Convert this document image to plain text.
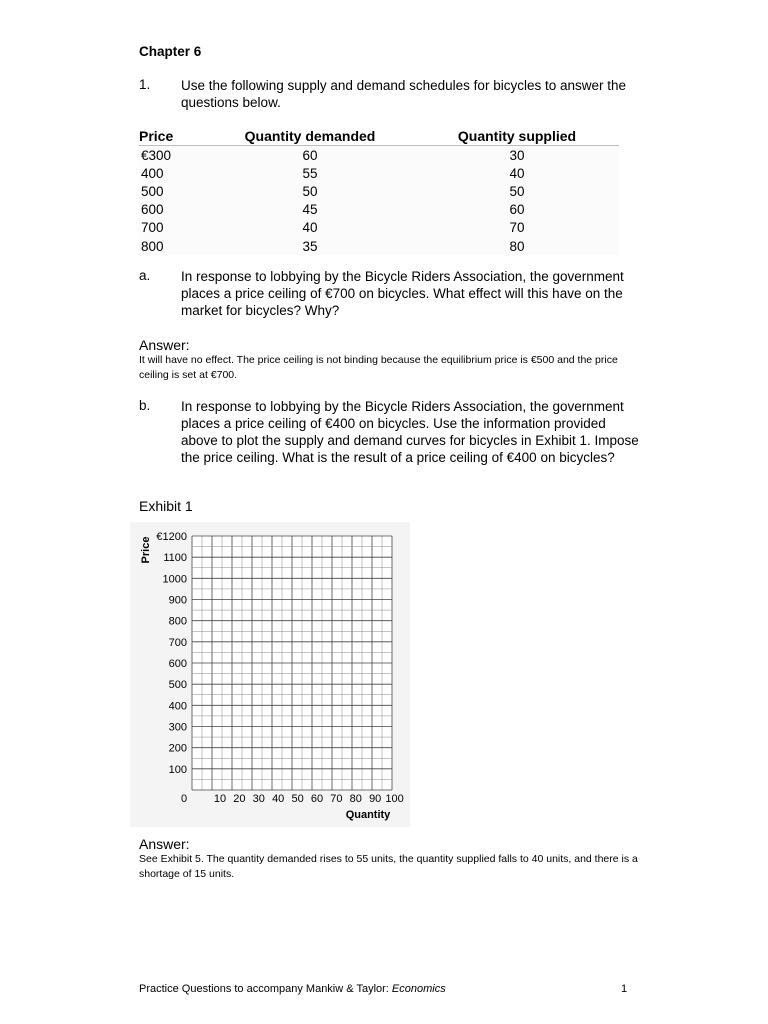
Chapter 6
1. Use the following supply and demand schedules for bicycles to answer the questions below.
Price	Quantity demanded	Quantity supplied
€300	60	30
400	55	40
500	50	50
600	45	60
700	40	70
800	35	80
a. In response to lobbying by the Bicycle Riders Association, the government places a price ceiling of €700 on bicycles. What effect will this have on the market for bicycles? Why?
Answer:
It will have no effect. The price ceiling is not binding because the equilibrium price is €500 and the price ceiling is set at €700.
b. In response to lobbying by the Bicycle Riders Association, the government places a price ceiling of €400 on bicycles. Use the information provided above to plot the supply and demand curves for bicycles in Exhibit 1. Impose the price ceiling. What is the result of a price ceiling of €400 on bicycles?
Exhibit 1
€1200
1100
1000
900
800
700
600
500
400
300
200
100
0 10 20 30 40 50 60 70 80 90 100
Price
Quantity
Answer:
See Exhibit 5. The quantity demanded rises to 55 units, the quantity supplied falls to 40 units, and there is a shortage of 15 units.
Practice Questions to accompany Mankiw & Taylor: Economics	1
